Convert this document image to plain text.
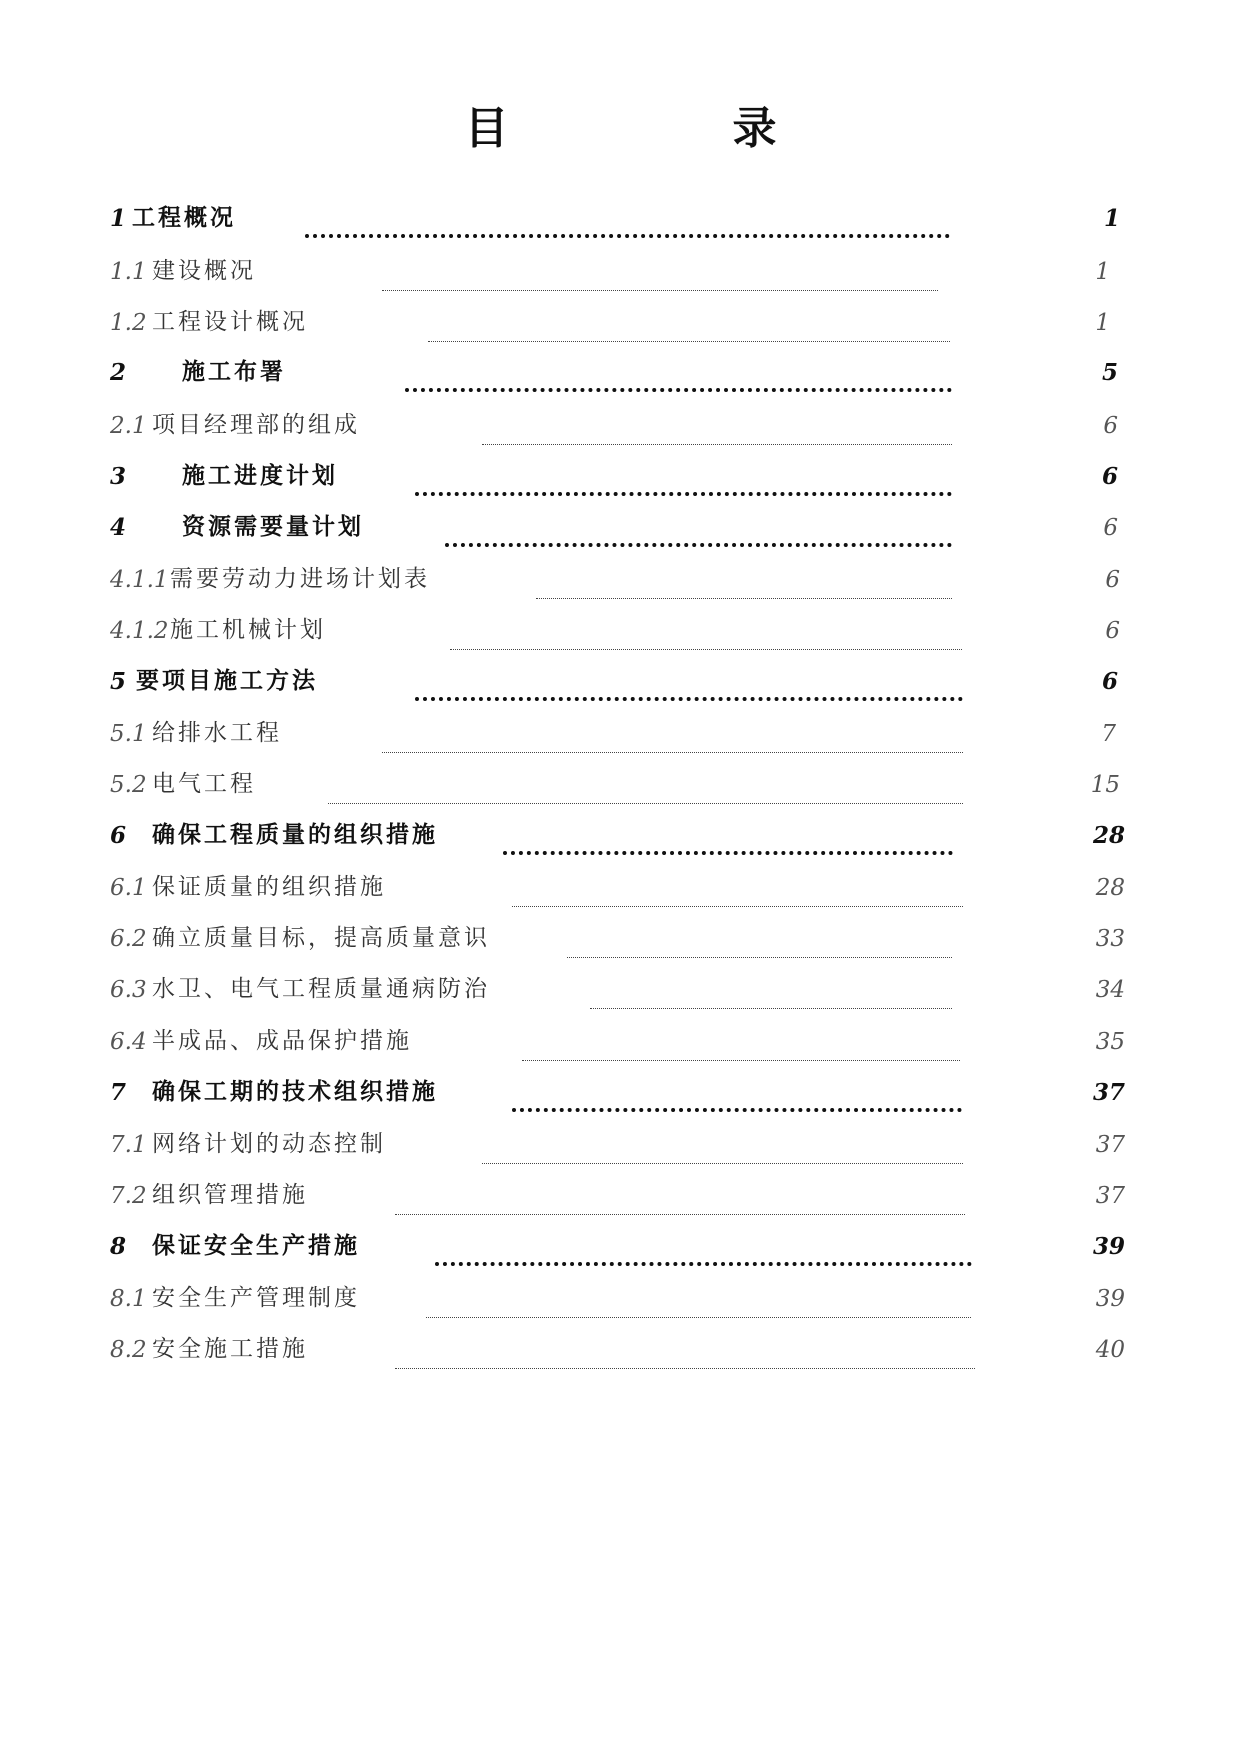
目　录
1 工程概况	1
1.1 建设概况	1
1.2 工程设计概况	1
2 施工布署	5
2.1 项目经理部的组成	6
3 施工进度计划	6
4 资源需要量计划	6
4.1.1 需要劳动力进场计划表	6
4.1.2 施工机械计划	6
5 要项目施工方法	6
5.1 给排水工程	7
5.2 电气工程	15
6 确保工程质量的组织措施	28
6.1 保证质量的组织措施	28
6.2 确立质量目标，提高质量意识	33
6.3 水卫、电气工程质量通病防治	34
6.4 半成品、成品保护措施	35
7 确保工期的技术组织措施	37
7.1 网络计划的动态控制	37
7.2 组织管理措施	37
8 保证安全生产措施	39
8.1 安全生产管理制度	39
8.2 安全施工措施	40
